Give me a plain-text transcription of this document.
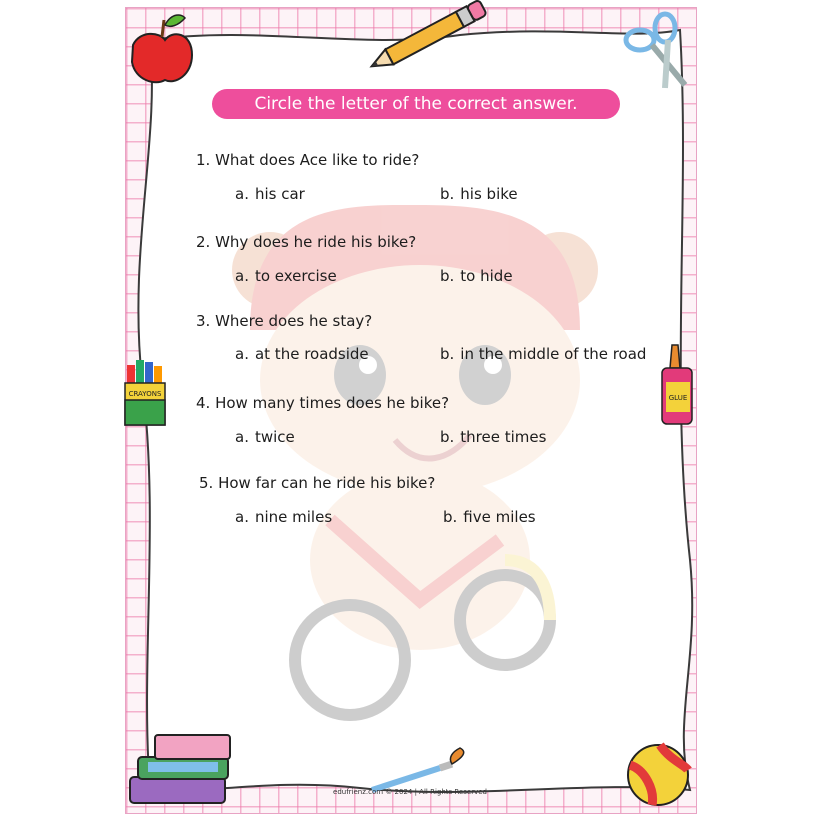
CRAYONS	GLUE
Circle the letter of the correct answer.
1. What does Ace like to ride?
a. his car	b. his bike
2. Why does he ride his bike?
a. to exercise	b. to hide
3. Where does he stay?
a. at the roadside	b. in the middle of the road
4. How many times does he bike?
a. twice	b. three times
5. How far can he ride his bike?
a. nine miles	b. five miles
edufrienz.com © 2024 | All Rights Reserved
